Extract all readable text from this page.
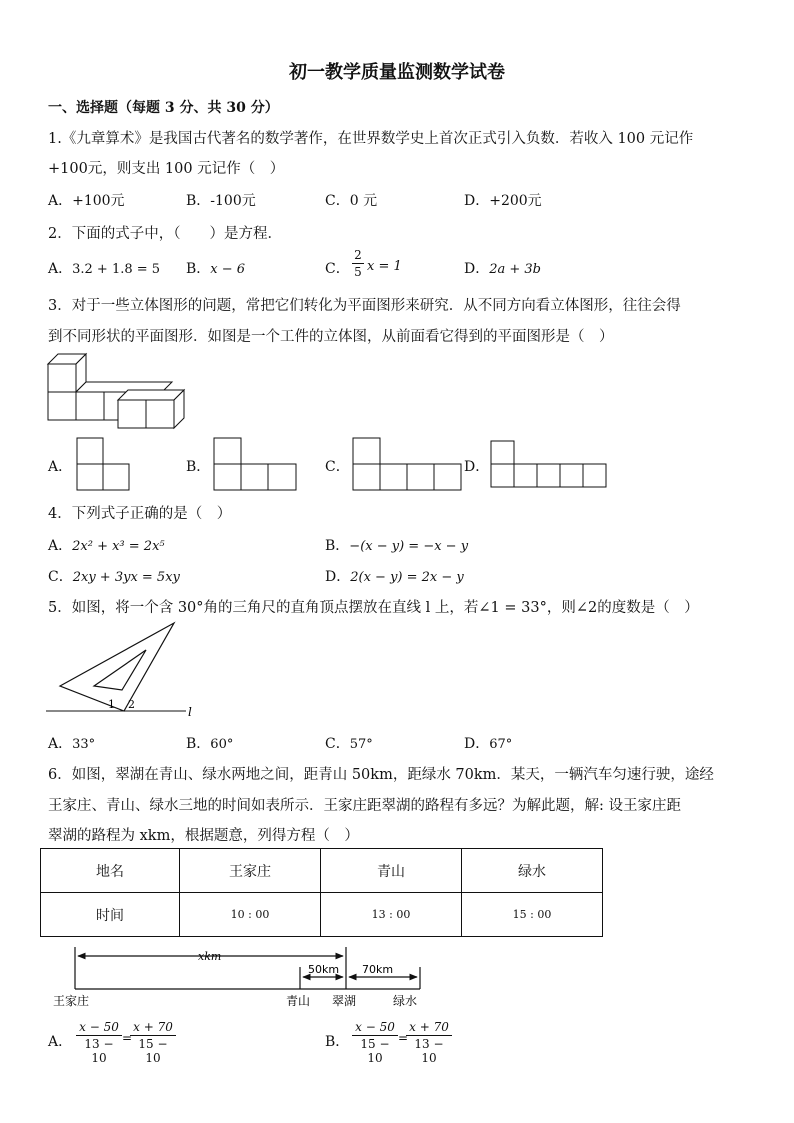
初一教学质量监测数学试卷
一、选择题（每题 3 分、共 30 分）
1.《九章算术》是我国古代著名的数学著作，在世界数学史上首次正式引入负数．若收入 100 元记作
+100元，则支出 100 元记作（　）
A．+100元	B．-100元	C．0 元	D．+200元
2．下面的式子中，（　　）是方程．
A．3.2 + 1.8 = 5 B．x − 6	C． $\frac{2}{5}$ x = 1	D．2a + 3b
3．对于一些立体图形的问题，常把它们转化为平面图形来研究．从不同方向看立体图形，往往会得
到不同形状的平面图形．如图是一个工件的立体图，从前面看它得到的平面图形是（　）
A．	B．	C．	D．
4．下列式子正确的是（　）
A．2x² + x³ = 2x⁵	B．−(x − y) = −x − y
C．2xy + 3yx = 5xy	D．2(x − y) = 2x − y
5．如图，将一个含 30°角的三角尺的直角顶点摆放在直线 l 上，若∠1 = 33°，则∠2的度数是（　）
1 2
l
A．33°	B．60°	C．57°	D．67°
6．如图，翠湖在青山、绿水两地之间，距青山 50km，距绿水 70km．某天，一辆汽车匀速行驶，途经
王家庄、青山、绿水三地的时间如表所示．王家庄距翠湖的路程有多远？为解此题，解: 设王家庄距
翠湖的路程为 xkm，根据题意，列得方程（　）
地名	王家庄	青山	绿水
时间	10 : 00	13 : 00	15 : 00
xkm
50km 70km
王家庄	青山 翠湖	绿水
A． $\frac{x - 50}{13 - 10}$ =
$\frac{x + 70}{15 - 10}$	B． $\frac{x - 50}{15 - 10}$ =
$\frac{x + 70}{13 - 10}$
